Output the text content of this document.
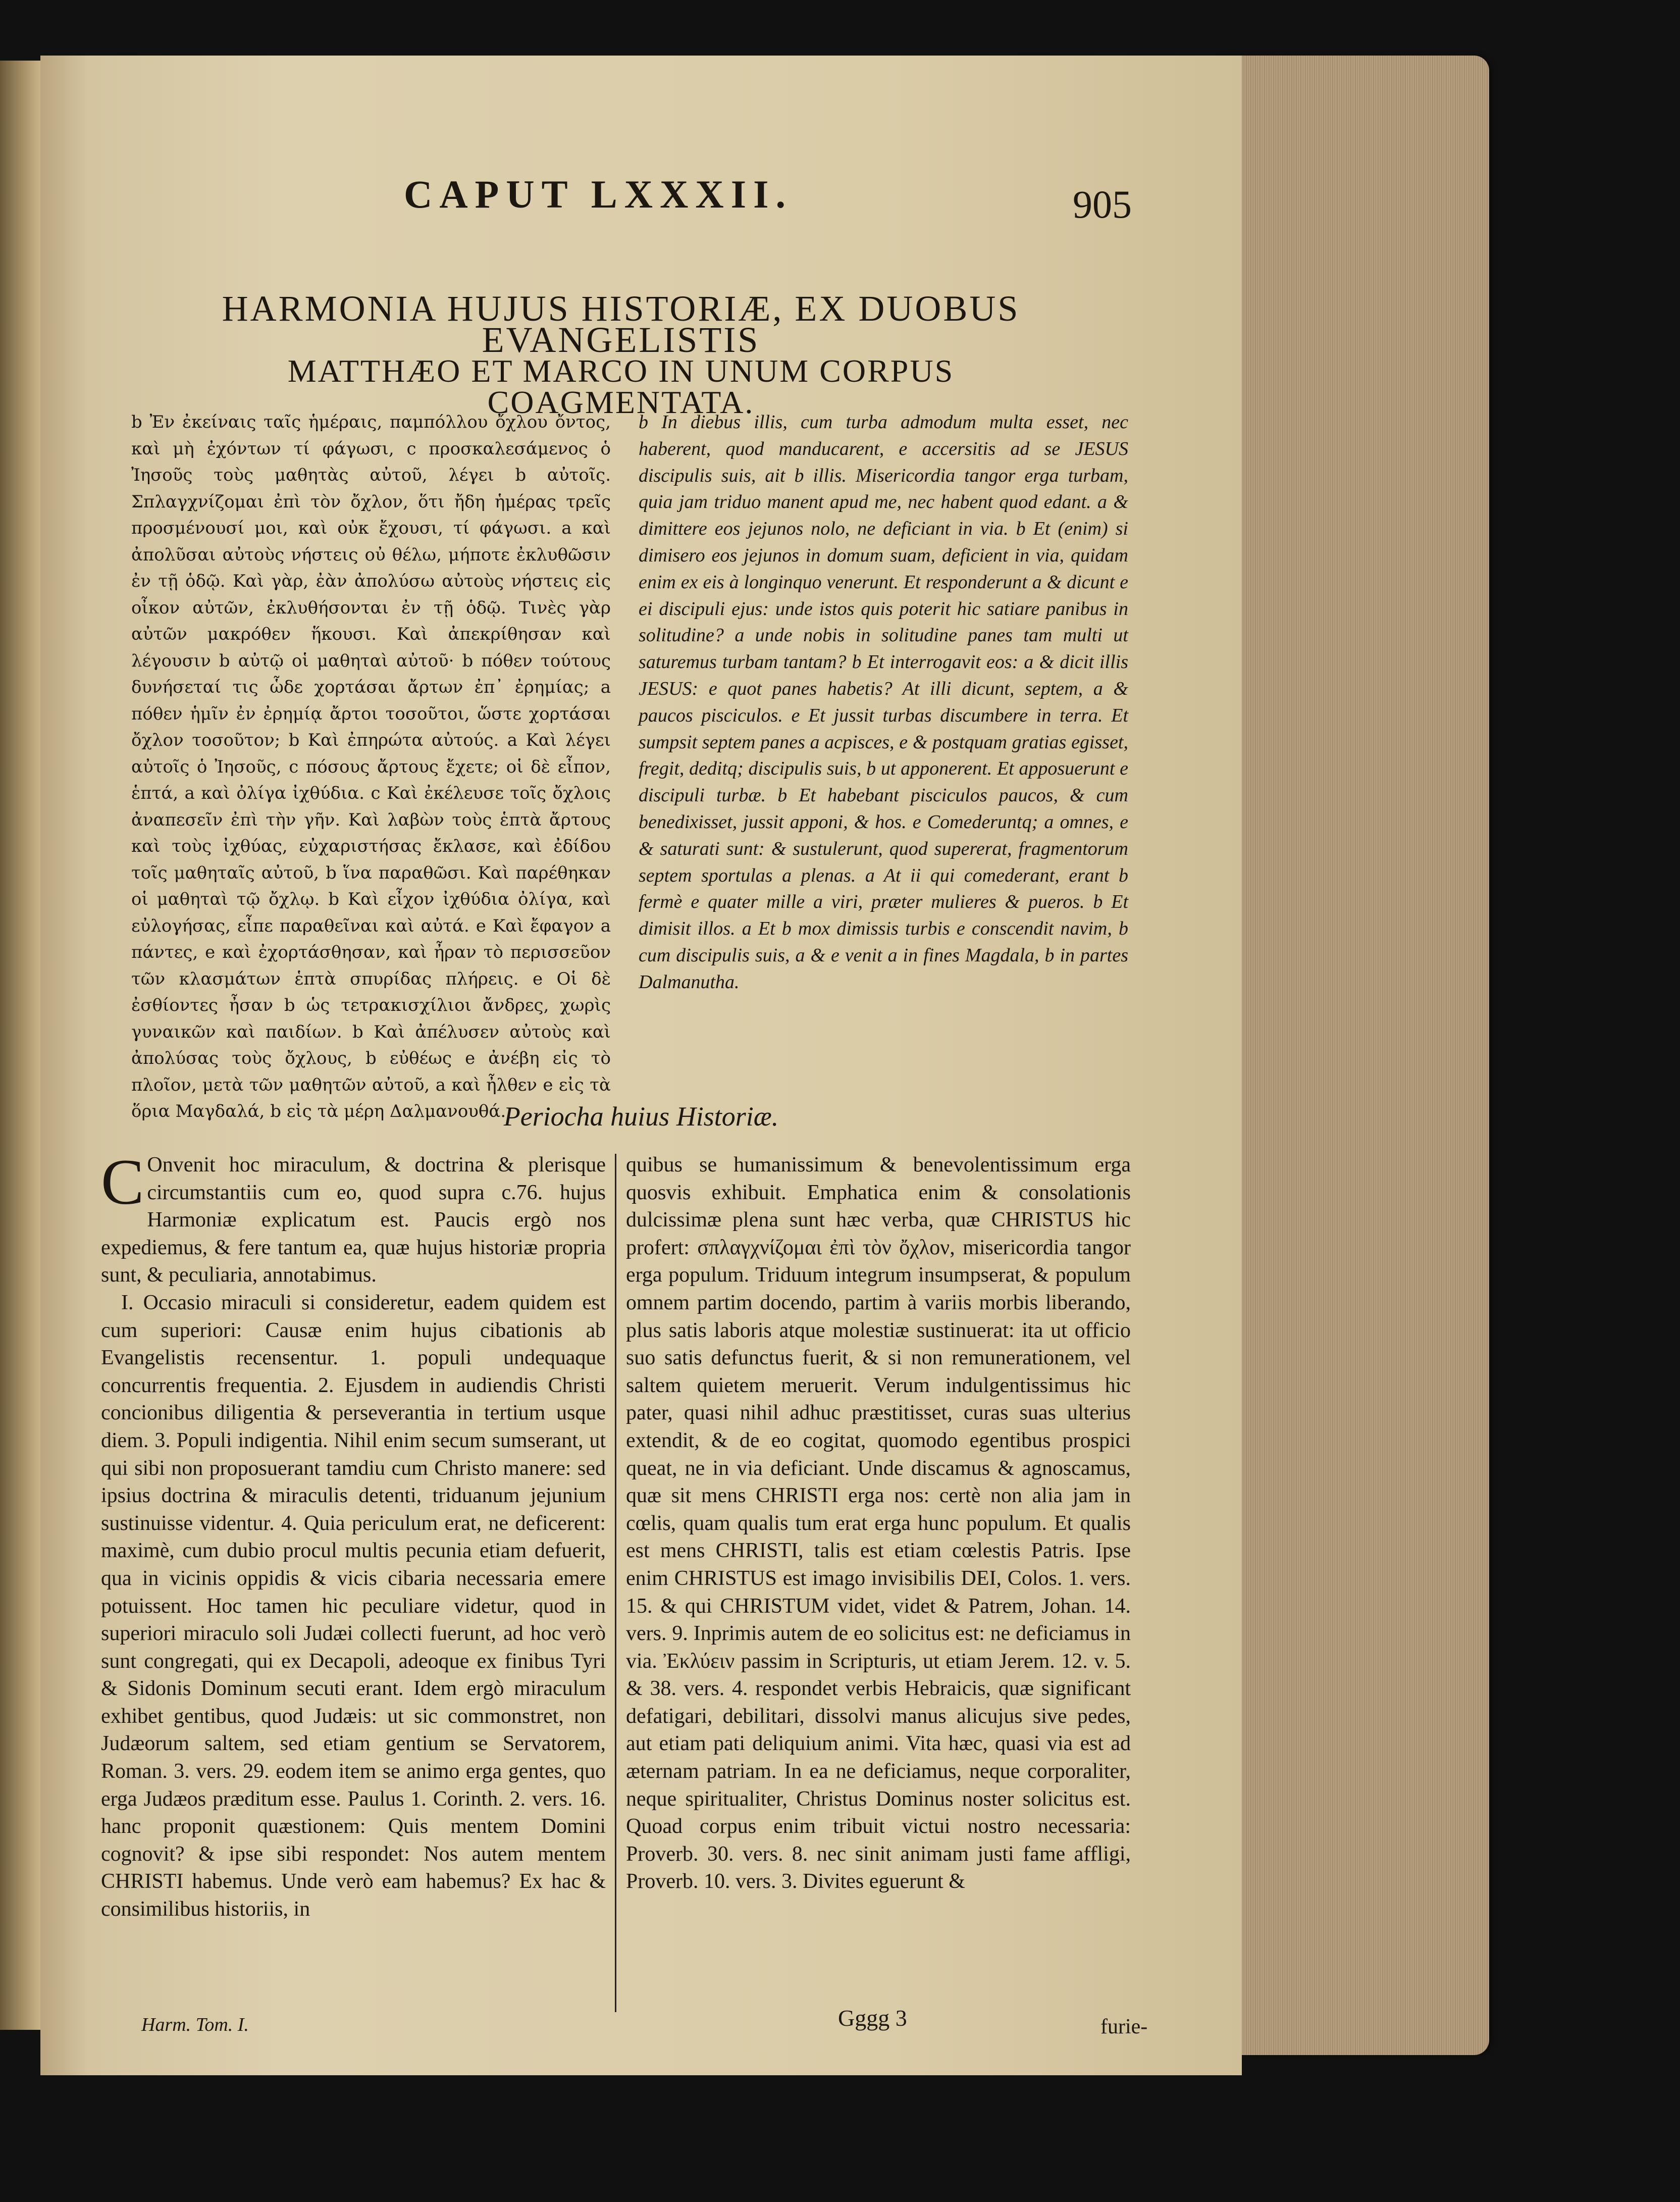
CAPUT LXXXII.	905
HARMONIA HUJUS HISTORIÆ, EX DUOBUS EVANGELISTIS
MATTHÆO ET MARCO IN UNUM CORPUS
COAGMENTATA.
b Ἐν ἐκείναις ταῖς ἡμέραις, παμπόλλου ὄχλου ὄντος, καὶ μὴ ἐχόντων τί φάγωσι, c προσκαλεσάμενος ὁ Ἰησοῦς τοὺς μαθητὰς αὐτοῦ, λέγει b αὐτοῖς. Σπλαγχνίζομαι ἐπὶ τὸν ὄχλον, ὅτι ἤδη ἡμέρας τρεῖς προσμένουσί μοι, καὶ οὐκ ἔχουσι, τί φάγωσι. a καὶ ἀπολῦσαι αὐτοὺς νήστεις οὐ θέλω, μήποτε ἐκλυθῶσιν ἐν τῇ ὁδῷ. Καὶ γὰρ, ἐὰν ἀπολύσω αὐτοὺς νήστεις εἰς οἶκον αὐτῶν, ἐκλυθήσονται ἐν τῇ ὁδῷ. Τινὲς γὰρ αὐτῶν μακρόθεν ἥκουσι. Καὶ ἀπεκρίθησαν καὶ λέγουσιν b αὐτῷ οἱ μαθηταὶ αὐτοῦ· b πόθεν τούτους δυνήσεταί τις ὧδε χορτάσαι ἄρτων ἐπ᾽ ἐρημίας; a πόθεν ἡμῖν ἐν ἐρημίᾳ ἄρτοι τοσοῦτοι, ὥστε χορτάσαι ὄχλον τοσοῦτον; b Καὶ ἐπηρώτα αὐτούς. a Καὶ λέγει αὐτοῖς ὁ Ἰησοῦς, c πόσους ἄρτους ἔχετε; οἱ δὲ εἶπον, ἑπτά, a καὶ ὀλίγα ἰχθύδια. c Καὶ ἐκέλευσε τοῖς ὄχλοις ἀναπεσεῖν ἐπὶ τὴν γῆν. Καὶ λαβὼν τοὺς ἑπτὰ ἄρτους καὶ τοὺς ἰχθύας, εὐχαριστήσας ἔκλασε, καὶ ἐδίδου τοῖς μαθηταῖς αὐτοῦ, b ἵνα παραθῶσι. Καὶ παρέθηκαν οἱ μαθηταὶ τῷ ὄχλῳ. b Καὶ εἶχον ἰχθύδια ὀλίγα, καὶ εὐλογήσας, εἶπε παραθεῖναι καὶ αὐτά. e Καὶ ἔφαγον a πάντες, e καὶ ἐχορτάσθησαν, καὶ ἦραν τὸ περισσεῦον τῶν κλασμάτων ἑπτὰ σπυρίδας πλήρεις. e Οἱ δὲ ἐσθίοντες ἦσαν b ὡς τετρακισχίλιοι ἄνδρες, χωρὶς γυναικῶν καὶ παιδίων. b Καὶ ἀπέλυσεν αὐτοὺς καὶ ἀπολύσας τοὺς ὄχλους, b εὐθέως e ἀνέβη εἰς τὸ πλοῖον, μετὰ τῶν μαθητῶν αὐτοῦ, a καὶ ἦλθεν e εἰς τὰ ὅρια Μαγδαλά, b εἰς τὰ μέρη Δαλμανουθά.
b In diebus illis, cum turba admodum multa esset, nec haberent, quod manducarent, e accersitis ad se JESUS discipulis suis, ait b illis. Misericordia tangor erga turbam, quia jam triduo manent apud me, nec habent quod edant. a & dimittere eos jejunos nolo, ne deficiant in via. b Et (enim) si dimisero eos jejunos in domum suam, deficient in via, quidam enim ex eis à longinquo venerunt. Et responderunt a & dicunt e ei discipuli ejus: unde istos quis poterit hic satiare panibus in solitudine? a unde nobis in solitudine panes tam multi ut saturemus turbam tantam? b Et interrogavit eos: a & dicit illis JESUS: e quot panes habetis? At illi dicunt, septem, a & paucos pisciculos. e Et jussit turbas discumbere in terra. Et sumpsit septem panes a acpisces, e & postquam gratias egisset, fregit, deditq; discipulis suis, b ut apponerent. Et apposuerunt e discipuli turbæ. b Et habebant pisciculos paucos, & cum benedixisset, jussit apponi, & hos. e Comederuntq; a omnes, e & saturati sunt: & sustulerunt, quod supererat, fragmentorum septem sportulas a plenas. a At ii qui comederant, erant b fermè e quater mille a viri, præter mulieres & pueros. b Et dimisit illos. a Et b mox dimissis turbis e conscendit navim, b cum discipulis suis, a & e venit a in fines Magdala, b in partes Dalmanutha.
Periocha huius Historiæ.
C Onvenit hoc miraculum, & doctrina & plerisque circumstantiis cum eo, quod supra c.76. hujus Harmoniæ explicatum est. Paucis ergò nos expediemus, & fere tantum ea, quæ hujus historiæ propria sunt, & peculiaria, annotabimus.
I. Occasio miraculi si consideretur, eadem quidem est cum superiori: Causæ enim hujus cibationis ab Evangelistis recensentur. 1. populi undequaque concurrentis frequentia. 2. Ejusdem in audiendis Christi concionibus diligentia & perseverantia in tertium usque diem. 3. Populi indigentia. Nihil enim secum sumserant, ut qui sibi non proposuerant tamdiu cum Christo manere: sed ipsius doctrina & miraculis detenti, triduanum jejunium sustinuisse videntur. 4. Quia periculum erat, ne deficerent: maximè, cum dubio procul multis pecunia etiam defuerit, qua in vicinis oppidis & vicis cibaria necessaria emere potuissent. Hoc tamen hic peculiare videtur, quod in superiori miraculo soli Judæi collecti fuerunt, ad hoc verò sunt congregati, qui ex Decapoli, adeoque ex finibus Tyri & Sidonis Dominum secuti erant. Idem ergò miraculum exhibet gentibus, quod Judæis: ut sic commonstret, non Judæorum saltem, sed etiam gentium se Servatorem, Roman. 3. vers. 29. eodem item se animo erga gentes, quo erga Judæos præditum esse. Paulus 1. Corinth. 2. vers. 16. hanc proponit quæstionem: Quis mentem Domini cognovit? & ipse sibi respondet: Nos autem mentem CHRISTI habemus. Unde verò eam habemus? Ex hac & consimilibus historiis, in
quibus se humanissimum & benevolentissimum erga quosvis exhibuit. Emphatica enim & consolationis dulcissimæ plena sunt hæc verba, quæ CHRISTUS hic profert: σπλαγχνίζομαι ἐπὶ τὸν ὄχλον, misericordia tangor erga populum. Triduum integrum insumpserat, & populum omnem partim docendo, partim à variis morbis liberando, plus satis laboris atque molestiæ sustinuerat: ita ut officio suo satis defunctus fuerit, & si non remunerationem, vel saltem quietem meruerit. Verum indulgentissimus hic pater, quasi nihil adhuc præstitisset, curas suas ulterius extendit, & de eo cogitat, quomodo egentibus prospici queat, ne in via deficiant. Unde discamus & agnoscamus, quæ sit mens CHRISTI erga nos: certè non alia jam in cœlis, quam qualis tum erat erga hunc populum. Et qualis est mens CHRISTI, talis est etiam cœlestis Patris. Ipse enim CHRISTUS est imago invisibilis DEI, Colos. 1. vers. 15. & qui CHRISTUM videt, videt & Patrem, Johan. 14. vers. 9. Inprimis autem de eo solicitus est: ne deficiamus in via. Ἐκλύειν passim in Scripturis, ut etiam Jerem. 12. v. 5. & 38. vers. 4. respondet verbis Hebraicis, quæ significant defatigari, debilitari, dissolvi manus alicujus sive pedes, aut etiam pati deliquium animi. Vita hæc, quasi via est ad æternam patriam. In ea ne deficiamus, neque corporaliter, neque spiritualiter, Christus Dominus noster solicitus est. Quoad corpus enim tribuit victui nostro necessaria: Proverb. 30. vers. 8. nec sinit animam justi fame affligi, Proverb. 10. vers. 3. Divites eguerunt &
Harm. Tom. I.	Gggg 3	furie-
